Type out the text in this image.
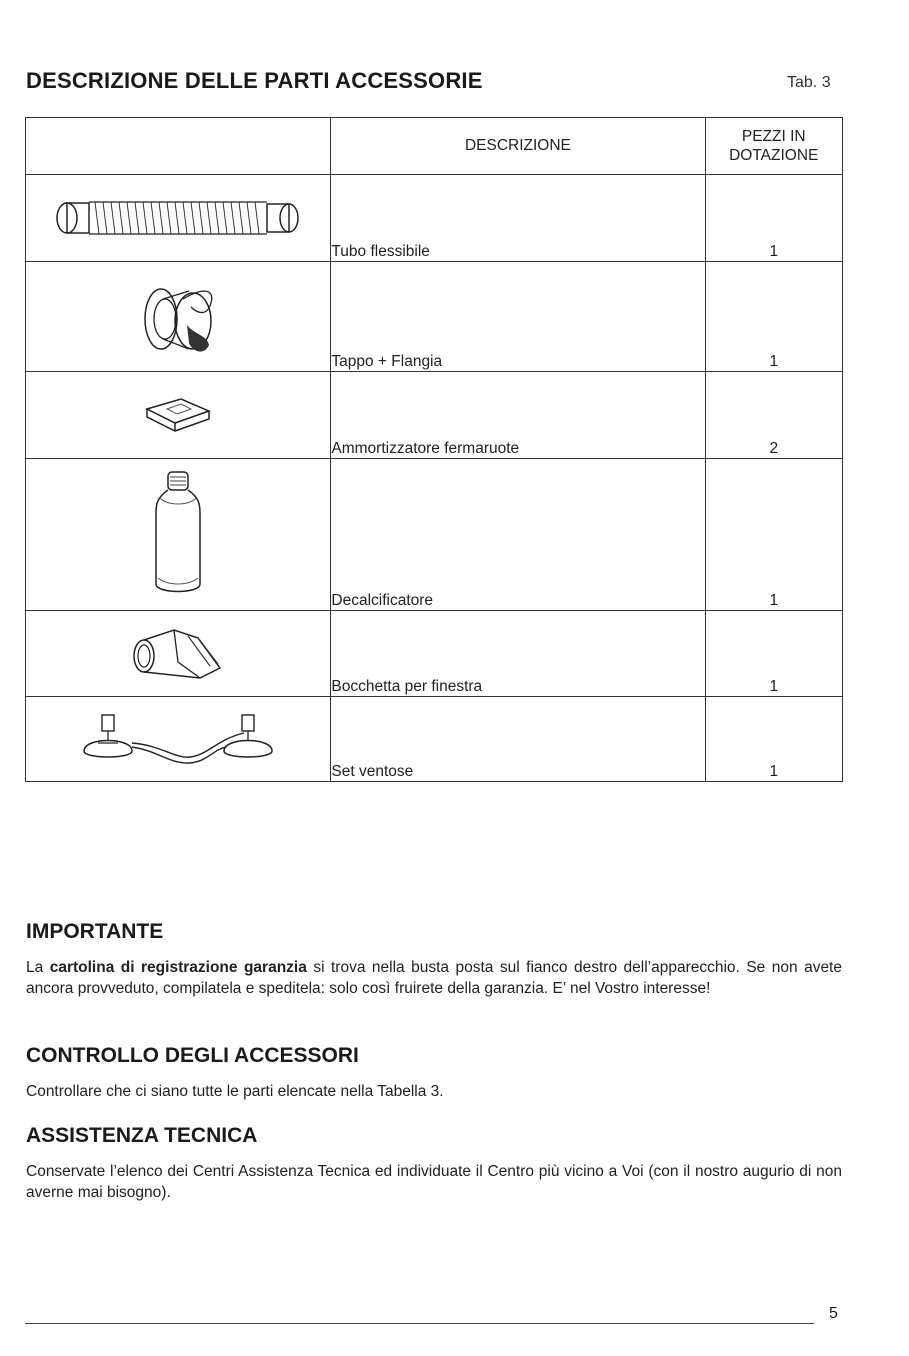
DESCRIZIONE DELLE PARTI ACCESSORIE	Tab. 3
	DESCRIZIONE	PEZZI IN
DOTAZIONE

	Tubo flessibile	1

	Tappo + Flangia	1

	Ammortizzatore fermaruote	2

	Decalcificatore	1

	Bocchetta per finestra	1

	Set ventose	1
IMPORTANTE
La cartolina di registrazione garanzia si trova nella busta posta sul fianco destro dell’apparecchio. Se non avete ancora provveduto, compilatela e speditela: solo così fruirete della garanzia. E’ nel Vostro interesse!
CONTROLLO DEGLI ACCESSORI
Controllare che ci siano tutte le parti elencate nella Tabella 3.
ASSISTENZA TECNICA
Conservate l’elenco dei Centri Assistenza Tecnica ed individuate il Centro più vicino a Voi (con il nostro augurio di non averne mai bisogno).
5
